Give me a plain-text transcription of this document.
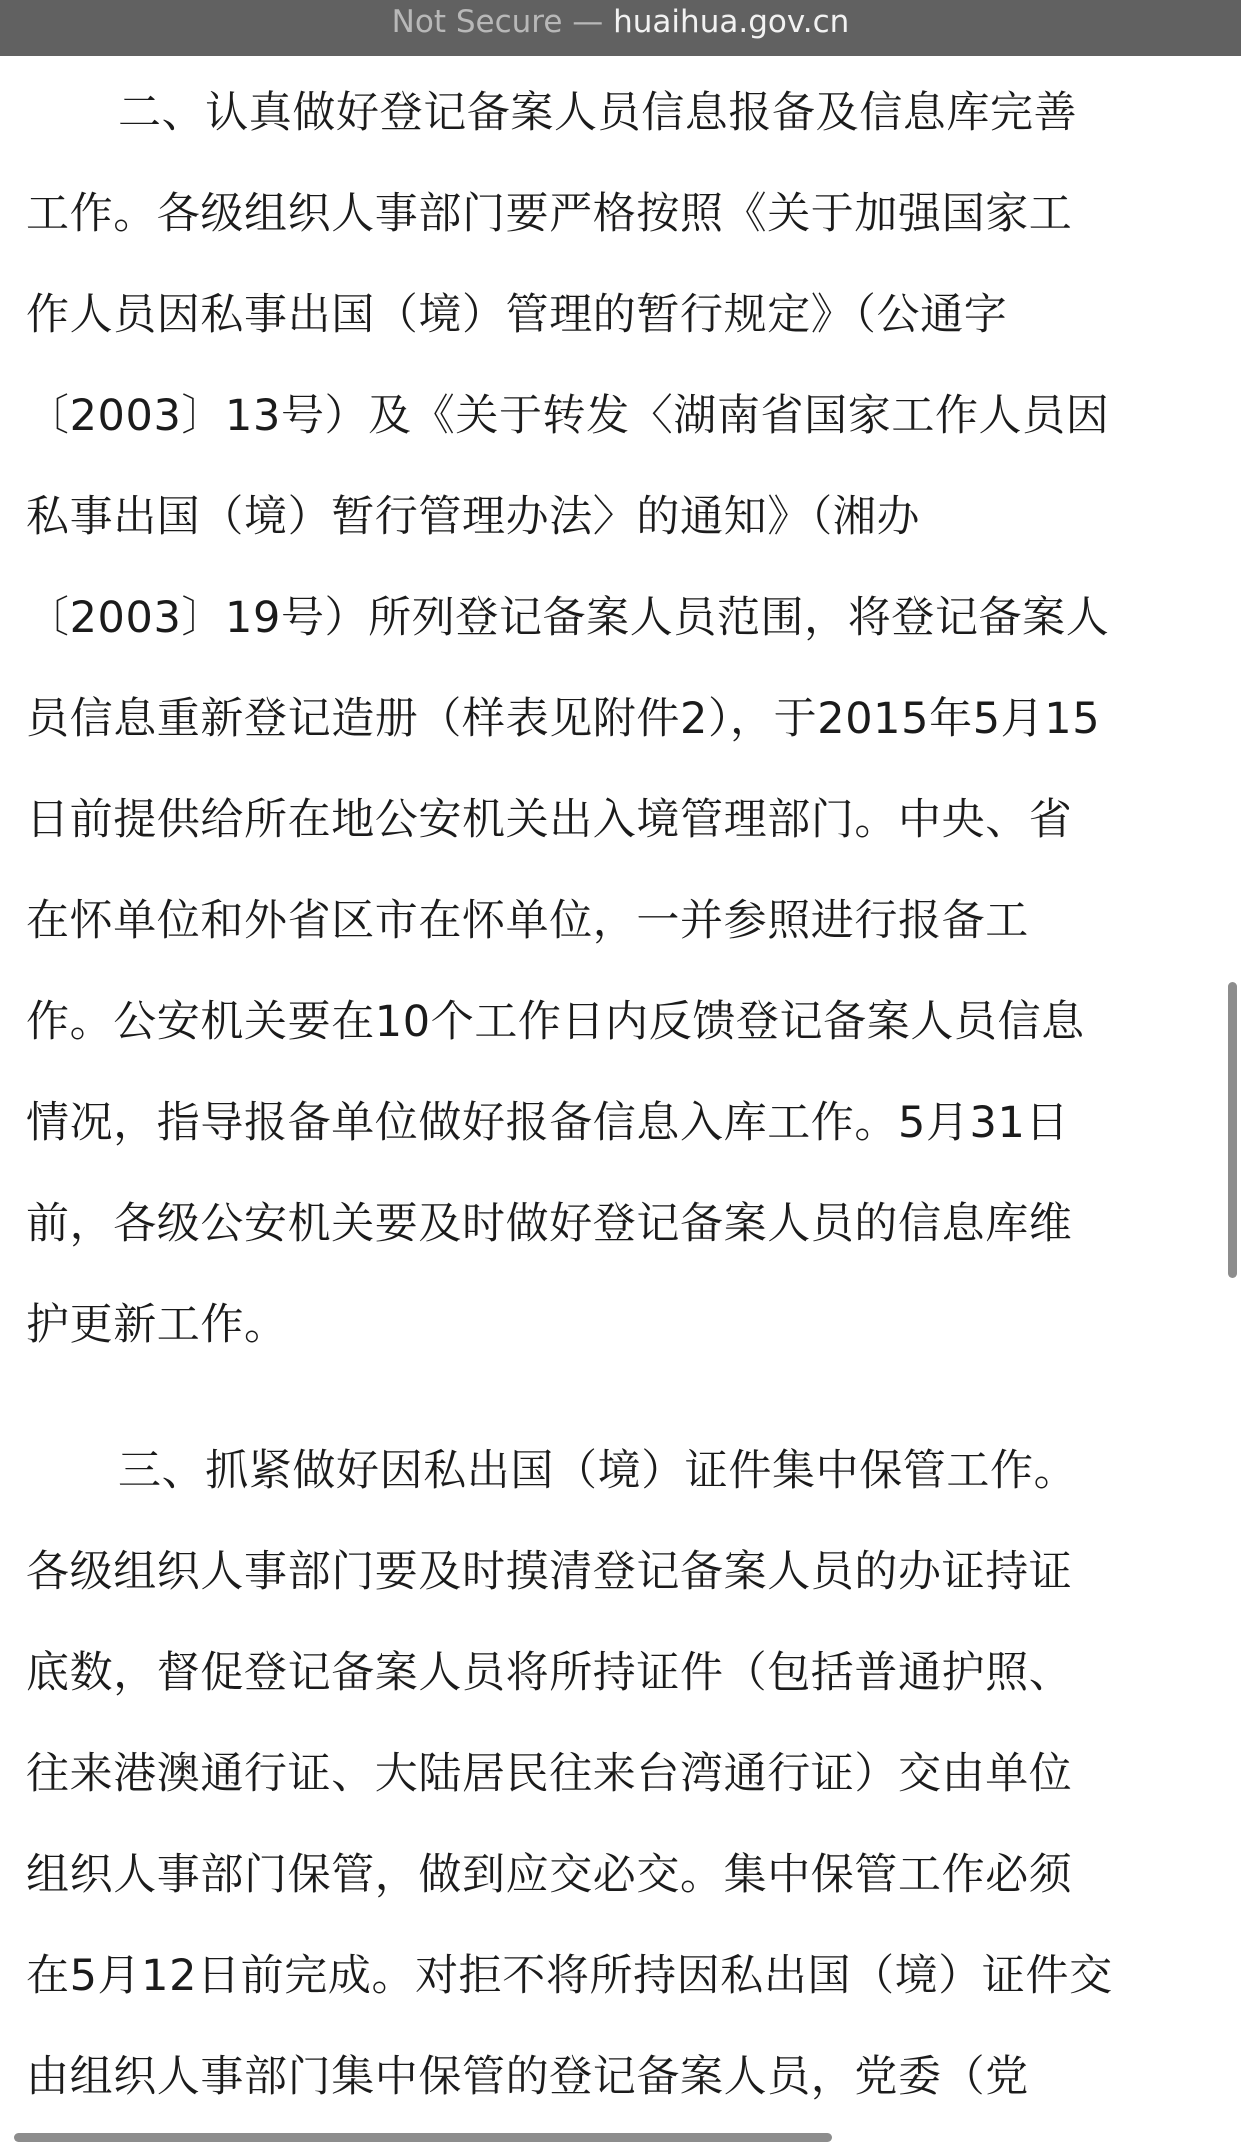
Not Secure — huaihua.gov.cn

二、认真做好登记备案人员信息报备及信息库完善
工作。各级组织人事部门要严格按照《关于加强国家工
作人员因私事出国（境）管理的暂行规定》（公通字
〔2003〕13号）及《关于转发〈湖南省国家工作人员因
私事出国（境）暂行管理办法〉的通知》（湘办
〔2003〕19号）所列登记备案人员范围，将登记备案人
员信息重新登记造册（样表见附件2），于2015年5月15
日前提供给所在地公安机关出入境管理部门。中央、省
在怀单位和外省区市在怀单位，一并参照进行报备工
作。公安机关要在10个工作日内反馈登记备案人员信息
情况，指导报备单位做好报备信息入库工作。5月31日
前，各级公安机关要及时做好登记备案人员的信息库维
护更新工作。

三、抓紧做好因私出国（境）证件集中保管工作。
各级组织人事部门要及时摸清登记备案人员的办证持证
底数，督促登记备案人员将所持证件（包括普通护照、
往来港澳通行证、大陆居民往来台湾通行证）交由单位
组织人事部门保管，做到应交必交。集中保管工作必须
在5月12日前完成。对拒不将所持因私出国（境）证件交
由组织人事部门集中保管的登记备案人员，党委（党
